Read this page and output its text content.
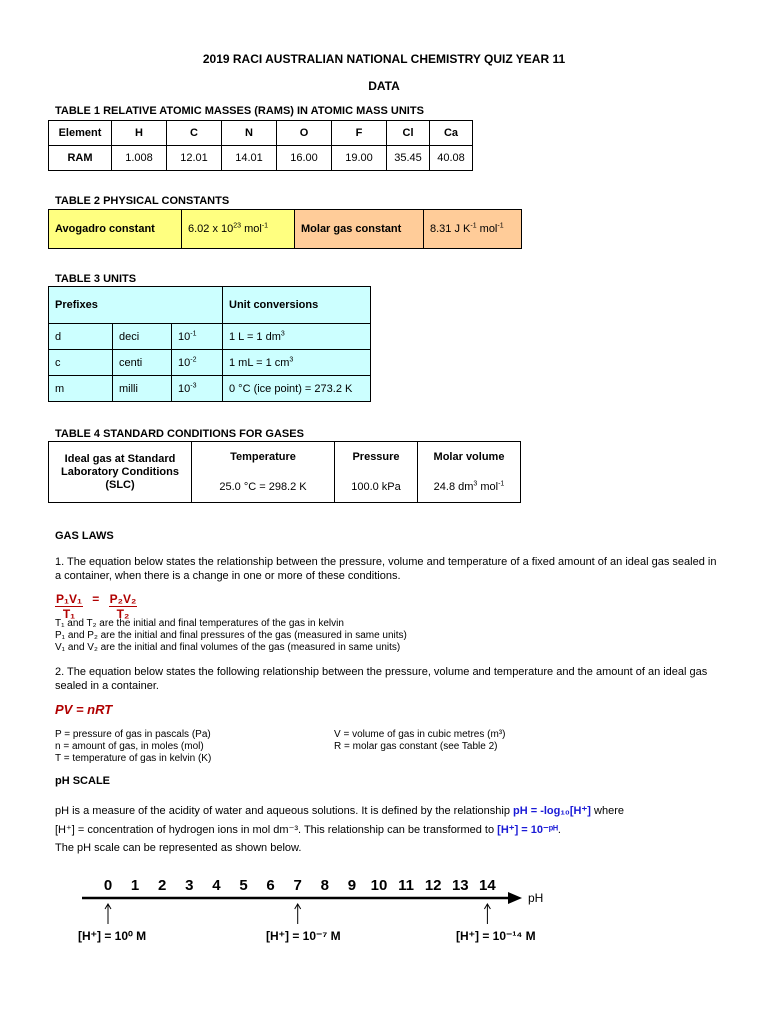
2019 RACI AUSTRALIAN NATIONAL CHEMISTRY QUIZ YEAR 11
DATA
TABLE 1 RELATIVE ATOMIC MASSES (RAMS) IN ATOMIC MASS UNITS
Element	H	C	N	O	F	Cl	Ca
RAM	1.008	12.01	14.01	16.00	19.00	35.45	40.08
TABLE 2 PHYSICAL CONSTANTS
Avogadro constant	6.02 x $10^{23}$ mol$^{-1}$	Molar gas constant	8.31 J $K^{-1}$ mol$^{-1}$
TABLE 3 UNITS
Prefixes			Unit conversions
d	deci	$10^{-1}$	1 L = 1 $dm^3$
c	centi	$10^{-2}$	1 mL = 1 $cm^3$
m	milli	$10^{-3}$	0 °C (ice point) = 273.2 K
TABLE 4 STANDARD CONDITIONS FOR GASES
Ideal gas at Standard Laboratory Conditions (SLC)	Temperature	Pressure	Molar volume
	25.0 °C = 298.2 K	100.0 kPa	24.8 $dm^3$ mol$^{-1}$
GAS LAWS
1. The equation below states the relationship between the pressure, volume and temperature of a fixed amount of an ideal gas sealed in a container, when there is a change in one or more of these conditions.
$\frac{\text{P₁V₁}}{\text{T₁}} = \frac{\text{P₂V₂}}{\text{T₂}}$
T₁ and T₂ are the initial and final temperatures of the gas in kelvin
P₁ and P₂ are the initial and final pressures of the gas (measured in same units)
V₁ and V₂ are the initial and final volumes of the gas (measured in same units)
2. The equation below states the following relationship between the pressure, volume and temperature and the amount of an ideal gas sealed in a container.
PV = nRT
P = pressure of gas in pascals (Pa)
n = amount of gas, in moles (mol)
T = temperature of gas in kelvin (K)
V = volume of gas in cubic metres (m³)
R = molar gas constant (see Table 2)
pH SCALE
pH is a measure of the acidity of water and aqueous solutions. It is defined by the relationship pH = -log₁₀[H⁺] where
[H⁺] = concentration of hydrogen ions in mol dm⁻³. This relationship can be transformed to [H⁺] = 10⁻ᵖᴴ.
The pH scale can be represented as shown below.
pH
0 1 2 3 4 5 6 7 8 9 10 11 12 13 14
[H⁺] = 10⁰ M	[H⁺] = 10⁻⁷ M	[H⁺] = 10⁻¹⁴ M
